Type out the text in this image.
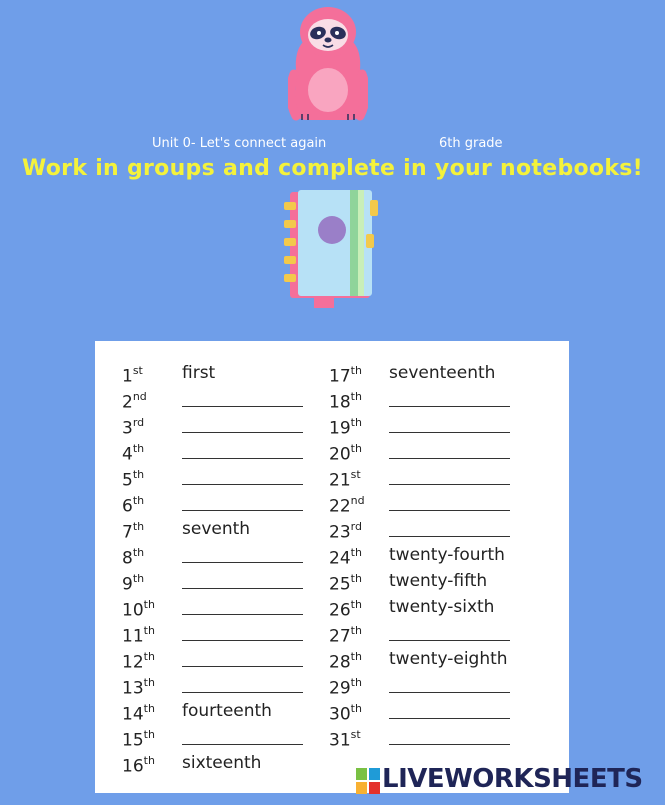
Unit 0- Let's connect again	6th grade
Work in groups and complete in your notebooks!
1st first
2nd
3rd
4th
5th
6th
7th seventh
8th
9th
10th
11th
12th
13th
14th fourteenth
15th
16th sixteenth
17th seventeenth
18th
19th
20th
21st
22nd
23rd
24th twenty-fourth
25th twenty-fifth
26th twenty-sixth
27th
28th twenty-eighth
29th
30th
31st
LIVEWORKSHEETS
